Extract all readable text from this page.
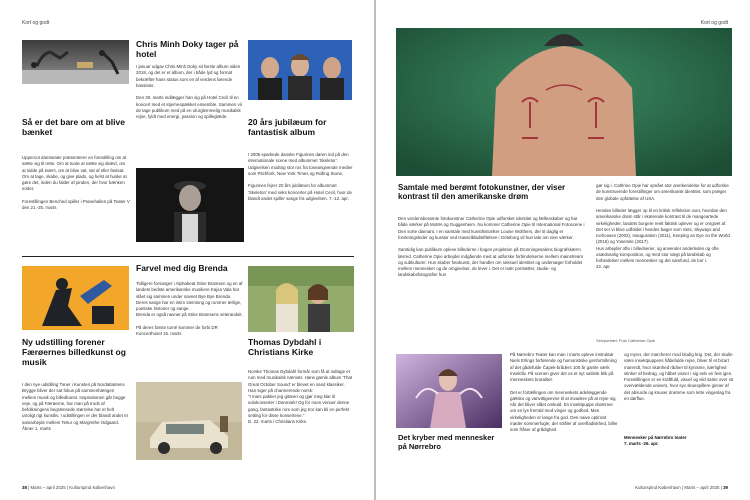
Kort og godt
Så er det bare om at blive bænket
Uppercut dansteater præsenterer en forestilling om at sætte sig til rette. Om at turde at sætte sig skævt, om at sidde på tværs, om at blive sat, sat af eller fastsat. Om at tage, skabe, og give plads, og helst at huske at gøre det, inden du falder af pinden, der hvor bænken ender.

Forestillingen Benched spiller i Prøvehallen på Teater V den 21.-25. marts
Chris Minh Doky tager på hotel
I januar udgav Chris Minh Doky sit første album siden 2018, og det er et album, der i både lyd og format bekræfter hans status som en af verdens førende bassister.

Den 30. marts indlægger han sig på Hotel Cecil til en koncert med et stjernespækket ensemble. Sammen vil de tage publikum med på en ufurglemmelig musikalsk rejse, fyldt med energi, passion og spilleglæde.
20 års jubilæum for fantastisk album
I 2005 sparkede danske Figurines døren ind på den internationale scene med albummet 'Skeletor'. Udgivelsen modtog stor ros fra toneangivende medier som Pitchfork, New York Times og Rolling Stone.

Figurines fejrer 20 års jubilæum for albummet 'Skeleton' med seks koncerter på Hotel Cecil, hvor de blandt andet spiller sange fra udgivelsen. 7.-12. apr.
Ny udstilling forener Færøernes billedkunst og musik
I den nye udstilling Toner i Kunsten på Nordatlantens Brygge bliver der sat fokus på sammenhængen mellem musik og billedkunst. Inspirationen går begge veje, og på Færøerne, har man på trods af befolkningens begrænsede størrelse har et helt utroligt rigt kunstliv. I udstillingen er der blandt andet et samarbejde mellem Teitur og Margrethe Odgaard. Åbner 1. marts
Farvel med dig Brenda
Tidligere forsanger i Alphabeat Stine Bramsen og en af landets bedste amerikanske musikere Kajsa Vala har slået sig sammen under navnet Bye Bye Brenda. Deres sange har en intim stemning og rummer ærlige, poetiske historier og sange.
Brenda er også navnet på Stine Bramsens veterandsit.

På deres første turné kommer de forbi DR Koncerthuset 15. marts
Thomas Dybdahl i Christians Kirke
Norske Thomas Dybdahl formår som få at indtage et rum med musikalsk nærvær. Hans gamle album 'That Great October Sound' er blevet en sand klassiker. Han siger på charmerende norsk:
"I mars pakker jeg gitaren og gjør meg klar til solokonserter i Danmark! Og for noen venuer denne gang, fantastiske rom som jeg tror kan bli en perfekt setting for disse konsertene."
D. 22. marts i Christians Kirke.
38 | Marts – april 2025 | Kulturspind København
Kort og godt
Samtale med berømt fotokunstner, der viser kontrast til den amerikanske drøm
Den verdensberømte fotokunstner Catherine Opie udforsker identitet og fællesskaber og har både værker på MoMA og Guggenheim. Nu kommer Catherine Opie til International Fotoscene i Den sorte diamant. I en samtale med kunsthistoriker Louise Wolthers, der til daglig er forskningsleder og kurator ved Hasselbladstiftelsen i Göteborg vil hun tale om sine værker.

Samtidig kan publikum opleve billederne i bogen projektion på Dronningesalens biografskærm lærred. Catherine Opie arbejder indgående med at udforske forbindelserne mellem mainstream og subkulturer. Hun skaber fotokunst, der handler om seksuel identitet og undersøger forholdet mellem mennesker og de omgivelser, de lever i. Det er især portrætter, studie- og landskabsfotografier hun
gør sig i. Cathrine Opie har opnået stor anerkendelse for at udforske de konstruerede forestillinger om amerikansk identitet, som præger den globale opfattelse af USA.

Hendes billeder lægger op til en kritisk refleksion over, hvordan den amerikanske drøm står i skærende kontrast til de mangeartede virkeligheder, landets borgere reelt faktisk oplever og er omgivet af. Det ser vi blive udfoldet i hendes bøger som Sets, Skyways and Icehouses (2002), Inauguration (2011), Keeping an Eye on the World (2016) og Yosemite (2017).
Hun arbejder ofte i billedserier, og anvender anderledes og ofte usædvanlig komposition, og med stor vægt på landskab og forbindelser mellem mennesker og det samfund, de bor i.
22. apr.
Selvportræt: Foto Catherine Opie
Det kryber med mennesker på Nørrebro
På Nørrebro Teater kan man i marts opleve instruktør Niels Erlings forførende og humoristiske genfortolkning af det gådefulde Čapek-bråders 100 år gamle værk Insektliv. På scenen giver det os et nyt satirisk blik på menneskets brutalitet.

Det er fortællingen om menneskets ødelæggende gælsko og vanvittigeevne til at invadere på at rejse sig, når det bliver slået omkuld. En insektpuppe drømmer om en lys fremtid med vinger og godhed. Men virkeligheden er lange fra god. Den naive optimist møder sommerfugle, der stråler af overfladiskhed, biller som fråser af grådighed
og myrer, der marcherer mod blodig krig. Det, der skulle være insektpuppens håbefulde rejse, bliver til et bizart mareridt, hvor skønhed rådner til kynisme, kærlighed stinker af bedrag, og håbet visner i sig selv en fest igen. Forestillingen er en kraftfuld, visuel og vild satire over sit overvældende univers, hvor syv skuespillere ginner af det absurde og knuser drømme som lette vingeslag fra en dørflue.
Mennesker på Nørrebro teater
7. marts -26. apr.
Kulturspind København | Marts – april 2025 | 39
